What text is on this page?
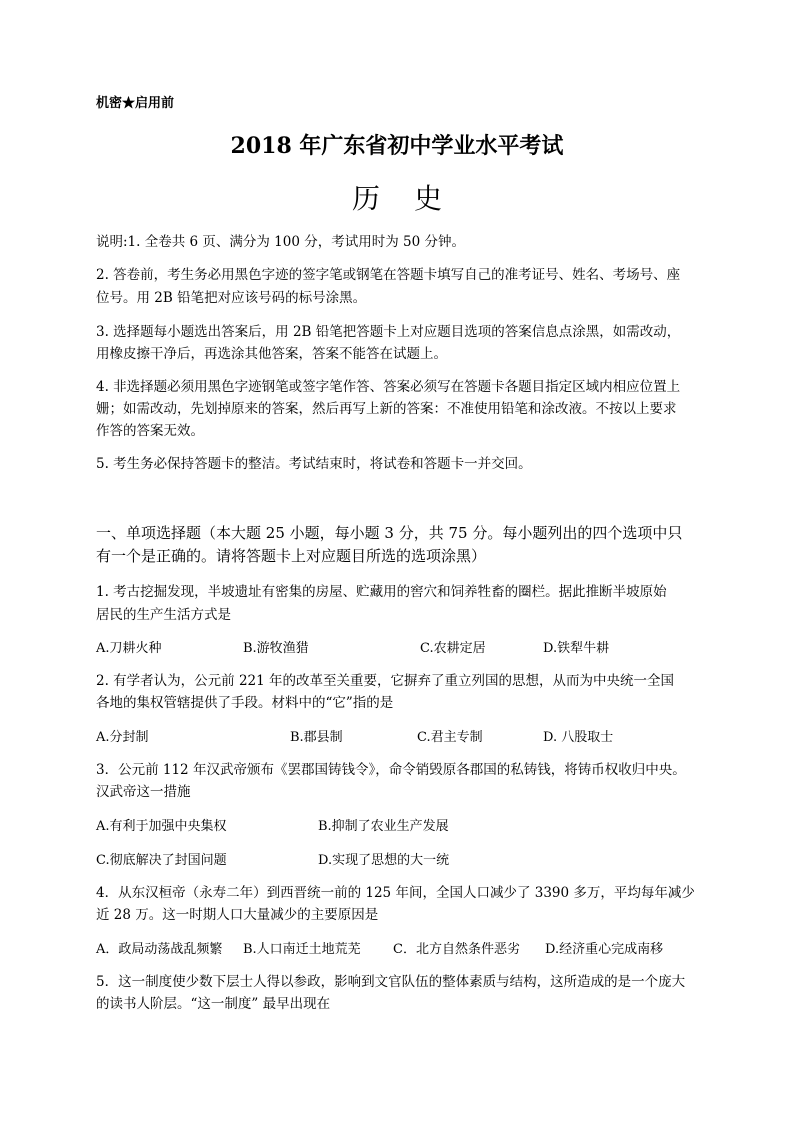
机密★启用前
2018 年广东省初中学业水平考试
历史
说明:1. 全卷共 6 页、满分为 100 分，考试用时为 50 分钟。
2. 答卷前，考生务必用黑色字迹的签字笔或钢笔在答题卡填写自己的准考证号、姓名、考场号、座
位号。用 2B 铅笔把对应该号码的标号涂黑。
3. 选择题每小题选出答案后，用 2B 铅笔把答题卡上对应题目选项的答案信息点涂黑，如需改动，
用橡皮擦干净后，再选涂其他答案，答案不能答在试题上。
4. 非选择题必须用黑色字迹钢笔或签字笔作答、答案必须写在答题卡各题目指定区域内相应位置上
姗；如需改动，先划掉原来的答案，然后再写上新的答案：不准使用铅笔和涂改液。不按以上要求
作答的答案无效。
5. 考生务必保持答题卡的整洁。考试结束时，将试卷和答题卡一并交回。
一、单项选择题（本大题 25 小题，每小题 3 分，共 75 分。每小题列出的四个选项中只
有一个是正确的。请将答题卡上对应题目所选的选项涂黑）
1. 考古挖掘发现，半坡遗址有密集的房屋、贮藏用的窖穴和饲养牲畜的圈栏。据此推断半坡原始
居民的生产生活方式是
A.刀耕火种	B.游牧渔猎	C.农耕定居	D.铁犁牛耕
2. 有学者认为，公元前 221 年的改革至关重要，它摒弃了重立列国的思想，从而为中央统一全国
各地的集权管辖提供了手段。材料中的“它”指的是
A.分封制	B.郡县制	C.君主专制	D. 八股取士
3．公元前 112 年汉武帝颁布《罢郡国铸钱令》，命令销毁原各郡国的私铸钱，将铸币权收归中央。
汉武帝这一措施
A.有利于加强中央集权	B.抑制了农业生产发展
C.彻底解决了封国问题	D.实现了思想的大一统
4．从东汉桓帝（永寿二年）到西晋统一前的 125 年间，全国人口减少了 3390 多万，平均每年减少
近 28 万。这一时期人口大量减少的主要原因是
A．政局动荡战乱频繁 B.人口南迁土地荒芜 C．北方自然条件恶劣 D.经济重心完成南移
5．这一制度使少数下层士人得以参政，影响到文官队伍的整体素质与结构，这所造成的是一个庞大
的读书人阶层。“这一制度” 最早出现在
